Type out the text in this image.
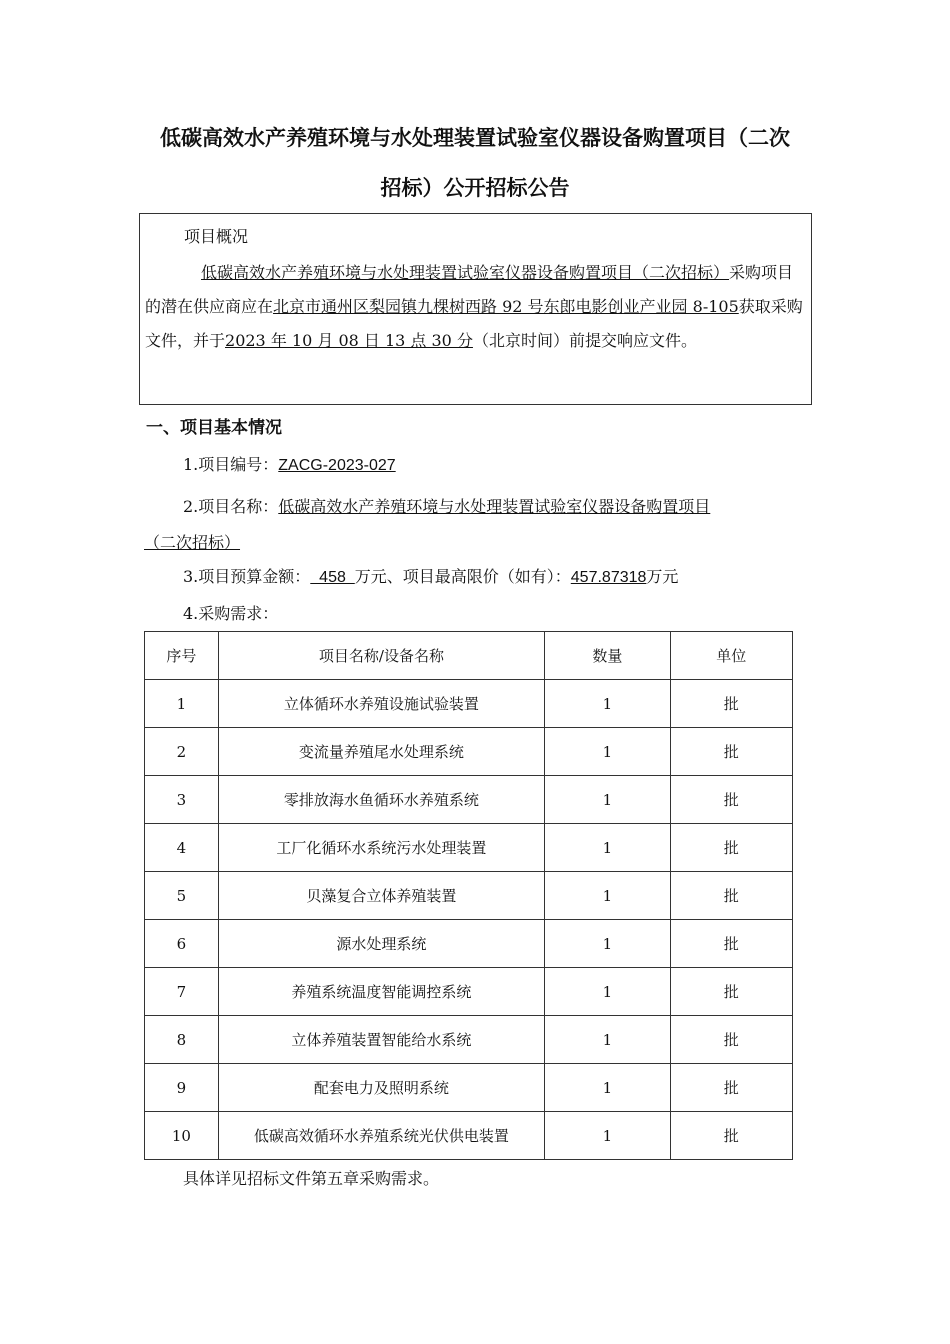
低碳高效水产养殖环境与水处理装置试验室仪器设备购置项目（二次
招标）公开招标公告
项目概况
低碳高效水产养殖环境与水处理装置试验室仪器设备购置项目（二次招标）采购项目的潜在供应商应在北京市通州区梨园镇九棵树西路 92 号东郎电影创业产业园 8-105获取采购文件，并于2023 年 10 月 08 日 13 点 30 分（北京时间）前提交响应文件。
一、项目基本情况
1.项目编号：ZACG-2023-027
2.项目名称：低碳高效水产养殖环境与水处理装置试验室仪器设备购置项目
（二次招标）
3.项目预算金额：  458  万元、项目最高限价（如有）：457.87318万元
4.采购需求：
序号	项目名称/设备名称	数量	单位
1	立体循环水养殖设施试验装置	1	批
2	变流量养殖尾水处理系统	1	批
3	零排放海水鱼循环水养殖系统	1	批
4	工厂化循环水系统污水处理装置	1	批
5	贝藻复合立体养殖装置	1	批
6	源水处理系统	1	批
7	养殖系统温度智能调控系统	1	批
8	立体养殖装置智能给水系统	1	批
9	配套电力及照明系统	1	批
10	低碳高效循环水养殖系统光伏供电装置	1	批
具体详见招标文件第五章采购需求。
